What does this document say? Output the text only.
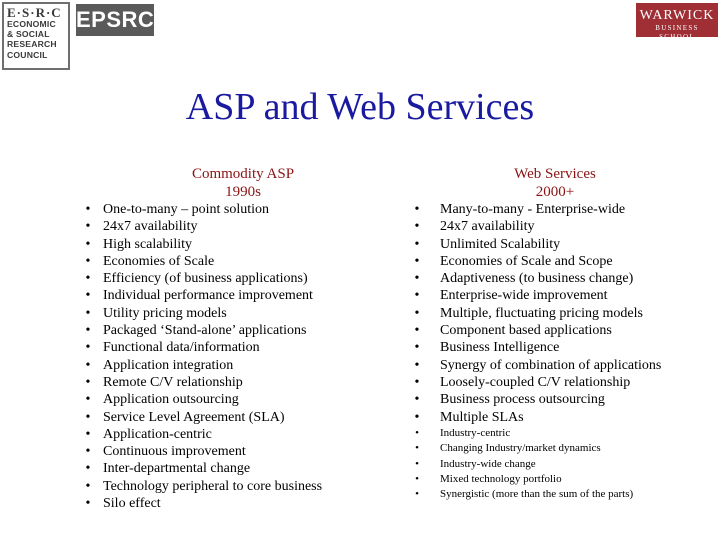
E·S·R·C
ECONOMIC
& SOCIAL
RESEARCH
COUNCIL
EPSRC	WARWICK
BUSINESS SCHOOL
ASP and Web Services
Commodity ASP
1990s
Web Services
2000+
• One-to-many – point solution
• 24x7 availability
• High scalability
• Economies of Scale
• Efficiency (of business applications)
• Individual performance improvement
• Utility pricing models
• Packaged ‘Stand-alone’ applications
• Functional data/information
• Application integration
• Remote C/V relationship
• Application outsourcing
• Service Level Agreement (SLA)
• Application-centric
• Continuous improvement
• Inter-departmental change
• Technology peripheral to core business
• Silo effect
• Many-to-many - Enterprise-wide
• 24x7 availability
• Unlimited Scalability
• Economies of Scale and Scope
• Adaptiveness (to business change)
• Enterprise-wide improvement
• Multiple, fluctuating pricing models
• Component based applications
• Business Intelligence
• Synergy of combination of applications
• Loosely-coupled C/V relationship
• Business process outsourcing
• Multiple SLAs
• Industry-centric
• Changing Industry/market dynamics
• Industry-wide change
• Mixed technology portfolio
• Synergistic (more than the sum of the parts)
